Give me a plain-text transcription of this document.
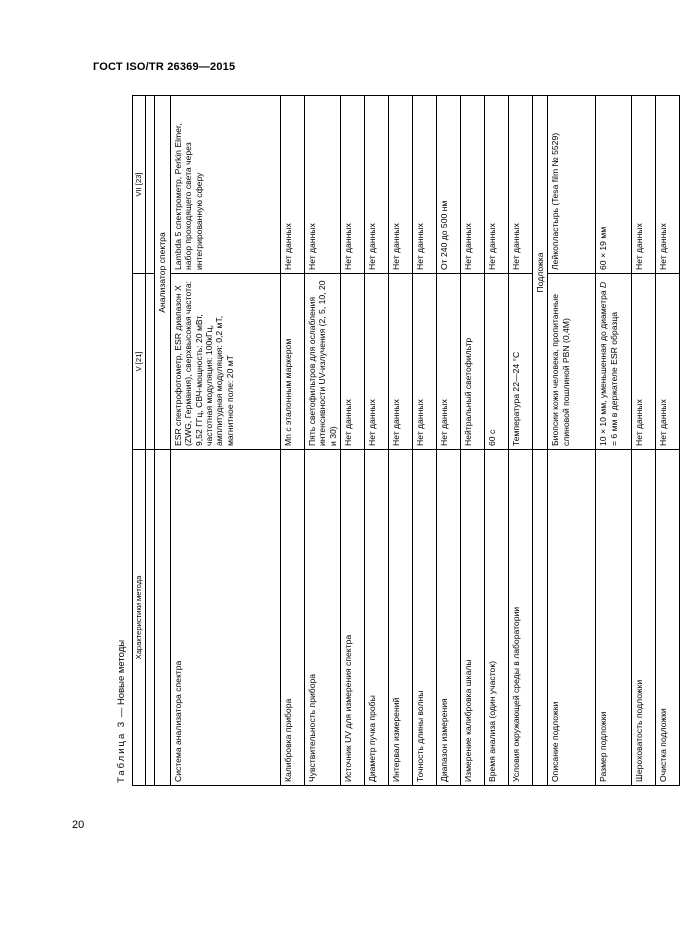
ГОСТ ISO/TR 26369—2015
Таблица 3 — Новые методы
Характеристики метода	V [21]	VII [23]

	Анализатор спектра	
Система анализатора спектра	ESR спектрофотометр, ESR диапазон X (ZWG, Германия), сверхвысокая частота: 9,52 ГГц, СВЧ-мощность: 20 мВт, частотная модуляция: 100кГц, амплитудная модуляция: 0,2 мТ, магнитное поле: 20 мТ	Lambda 5 спектрометр, Perkin Elmer, набор проходящего света через интегрированную сферу
Калибровка прибора	Mn с эталонным маркером	Нет данных
Чувствительность прибора	Пять светофильтров для ослабления интенсивности UV-излучения (2, 5, 10, 20 и 30)	Нет данных
Источник UV для измерения спектра	Нет данных	Нет данных
Диаметр пучка пробы	Нет данных	Нет данных
Интервал измерений	Нет данных	Нет данных
Точность длины волны	Нет данных	Нет данных
Диапазон измерения	Нет данных	От 240 до 500 нм
Измерение калибровка шкалы	Нейтральный светофильтр	Нет данных
Время анализа (один участок)	60 с	Нет данных
Условия окружающей среды в лаборатории	Температура 22—24 °C	Нет данных
	Подложка	
Описание подложки	Биопсии кожи человека, пропитанные слиновой пошлиной PBN (0,4М)	Лейкопластырь (Tesa film № 5529)
Размер подложки	10 × 10 мм, уменьшенная до диаметра D = 6 мм в держателе ESR образца	60 × 19 мм
Шероховатость подложки	Нет данных	Нет данных
Очистка подложки	Нет данных	Нет данных
20
